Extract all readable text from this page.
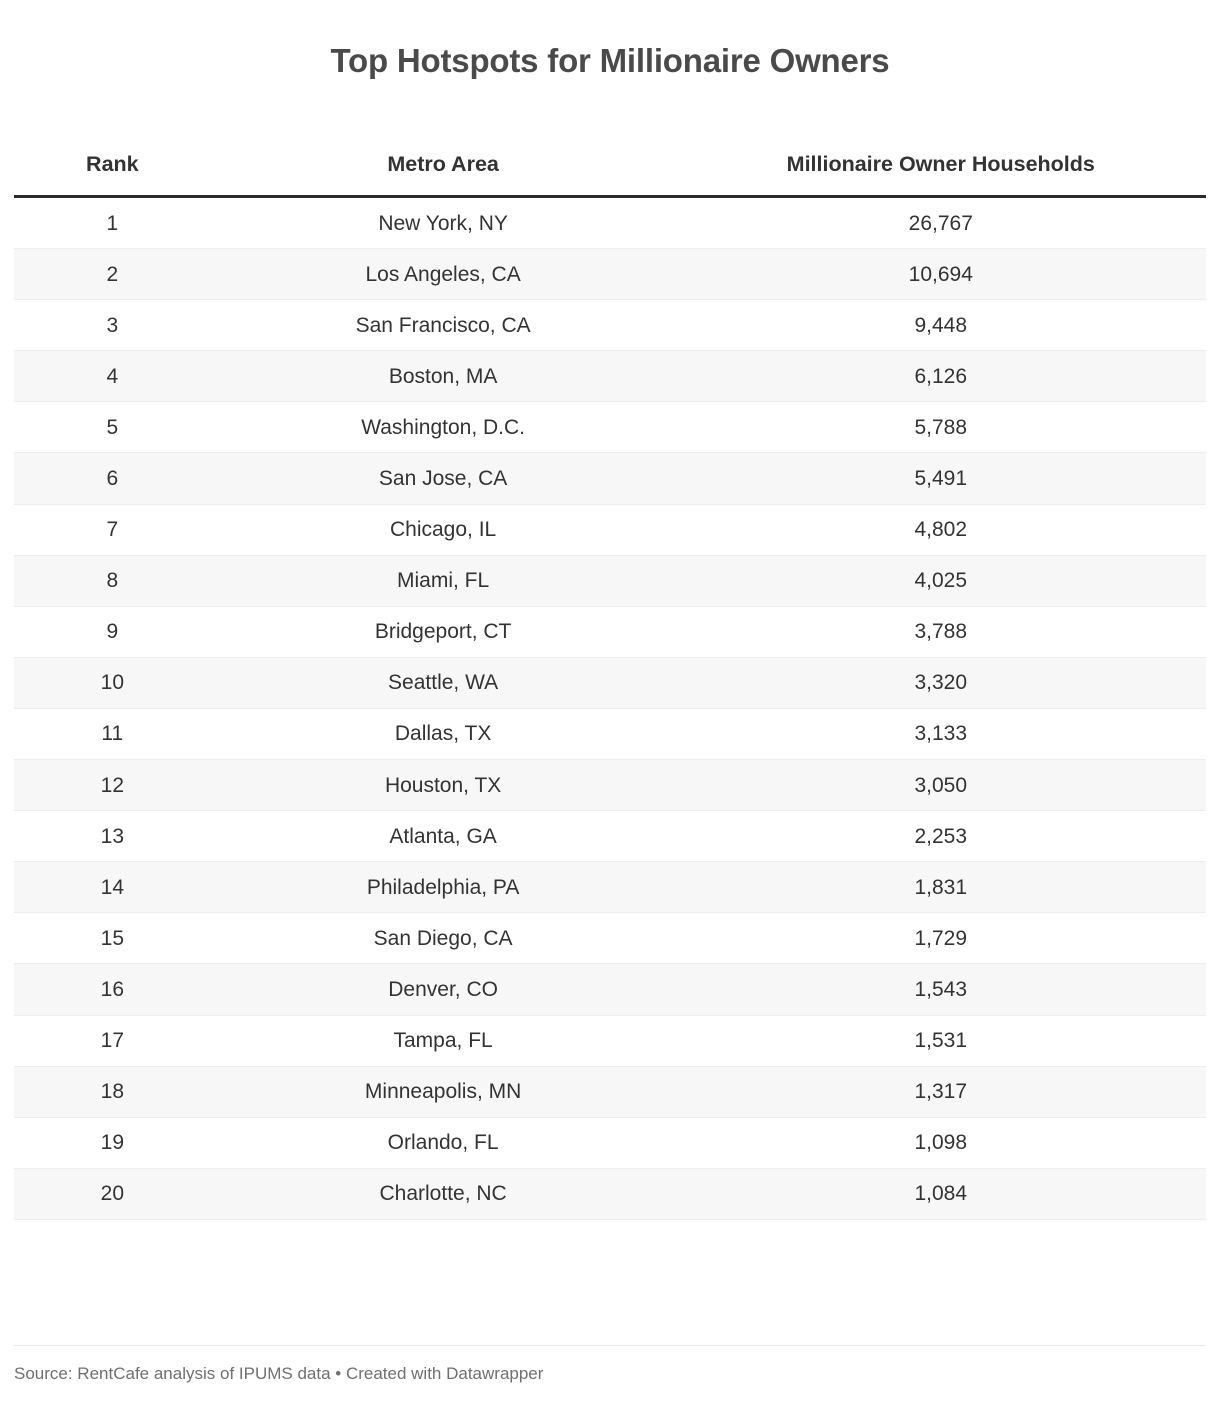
Top Hotspots for Millionaire Owners
Rank	Metro Area	Millionaire Owner Households
1	New York, NY	26,767
2	Los Angeles, CA	10,694
3	San Francisco, CA	9,448
4	Boston, MA	6,126
5	Washington, D.C.	5,788
6	San Jose, CA	5,491
7	Chicago, IL	4,802
8	Miami, FL	4,025
9	Bridgeport, CT	3,788
10	Seattle, WA	3,320
11	Dallas, TX	3,133
12	Houston, TX	3,050
13	Atlanta, GA	2,253
14	Philadelphia, PA	1,831
15	San Diego, CA	1,729
16	Denver, CO	1,543
17	Tampa, FL	1,531
18	Minneapolis, MN	1,317
19	Orlando, FL	1,098
20	Charlotte, NC	1,084
Source: RentCafe analysis of IPUMS data • Created with Datawrapper
